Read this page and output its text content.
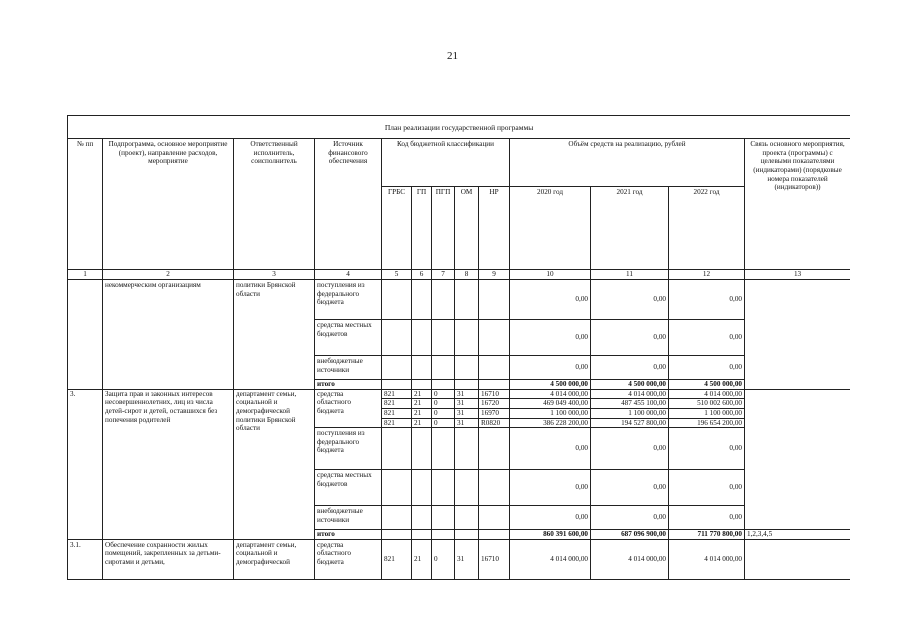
21
План реализации государственной программы												
№ пп	Подпрограмма, основное мероприятие (проект), направление расходов, мероприятие	Ответственный исполнитель, соисполнитель	Источник финансового обеспечения	Код бюджетной классификации					Объём средств на реализацию, рублей			Связь основного мероприятия, проекта (программы) с целевыми показателями (индикаторами) (порядковые номера показателей (индикаторов))
				ГРБС	ГП	ПГП	ОМ	НР	2020 год	2021 год	2022 год	
1	2	3	4	5	6	7	8	9	10	11	12	13
	некоммерческим организациям	политики Брянской области	поступления из федерального бюджета						0,00	0,00	0,00	
			средства местных бюджетов						0,00	0,00	0,00	
			внебюджетные источники						0,00	0,00	0,00	
			итого						4 500 000,00	4 500 000,00	4 500 000,00	
3.	Защита прав и законных интересов несовершеннолетних, лиц из числа детей-сирот и детей, оставшихся без попечения родителей	департамент семьи, социальной и демографической политики Брянской области	средства областного бюджета	821	21	0	31	16710	4 014 000,00	4 014 000,00	4 014 000,00	
				821	21	0	31	16720	469 049 400,00	487 455 100,00	510 002 600,00	
				821	21	0	31	16970	1 100 000,00	1 100 000,00	1 100 000,00	
				821	21	0	31	R0820	386 228 200,00	194 527 800,00	196 654 200,00	
			поступления из федерального бюджета						0,00	0,00	0,00	
			средства местных бюджетов						0,00	0,00	0,00	
			внебюджетные источники						0,00	0,00	0,00	
			итого						860 391 600,00	687 096 900,00	711 770 800,00	1,2,3,4,5
3.1.	Обеспечение сохранности жилых помещений, закрепленных за детьми-сиротами и детьми,	департамент семьи, социальной и демографической	средства областного бюджета	821	21	0	31	16710	4 014 000,00	4 014 000,00	4 014 000,00	
